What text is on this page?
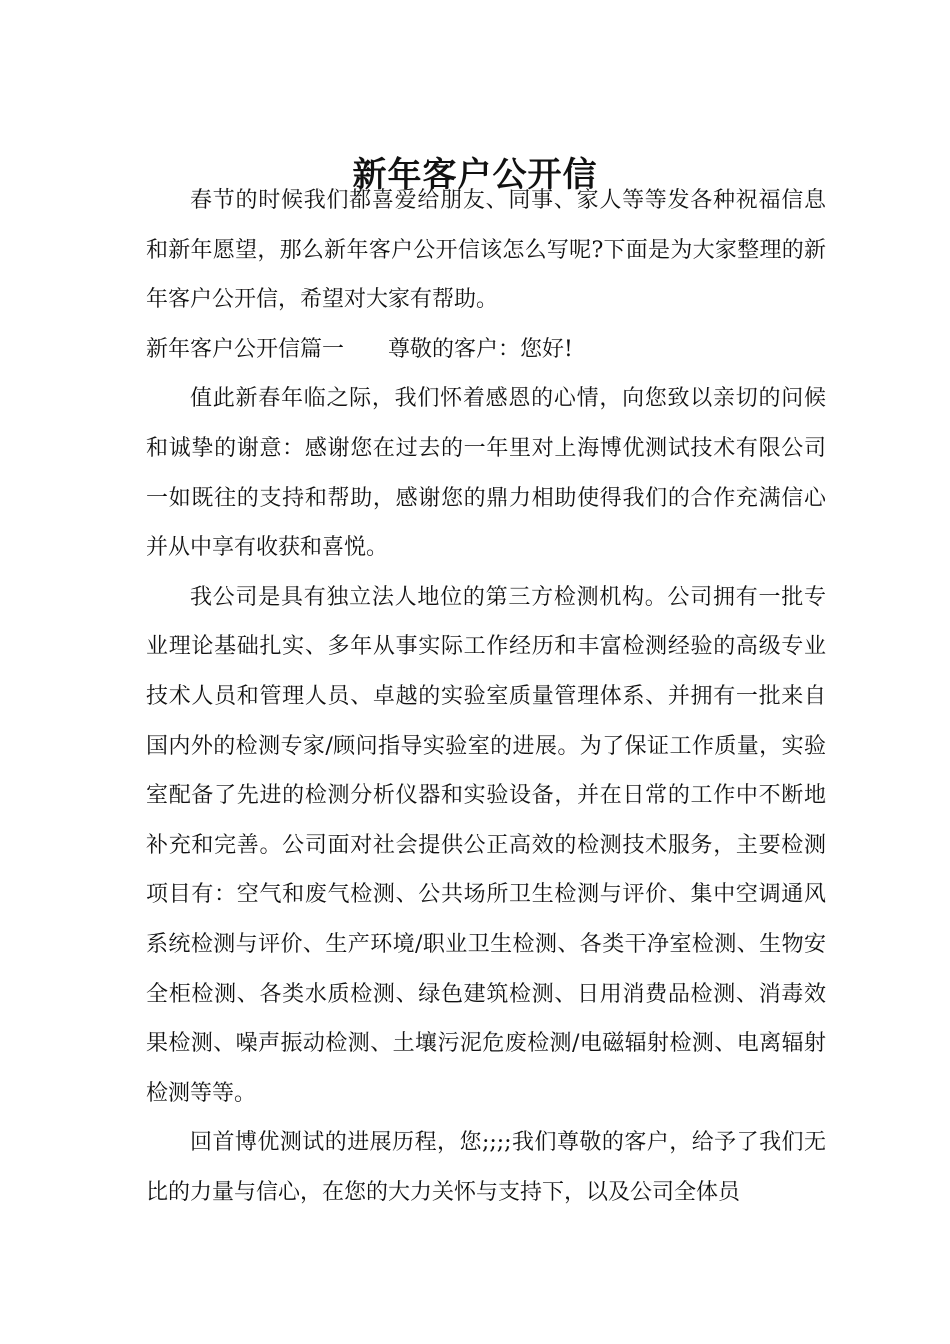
新年客户公开信

春节的时候我们都喜爱给朋友、同事、家人等等发各种祝福信息和新年愿望，那么新年客户公开信该怎么写呢?下面是为大家整理的新年客户公开信，希望对大家有帮助。

新年客户公开信篇一　　尊敬的客户：您好!

值此新春年临之际，我们怀着感恩的心情，向您致以亲切的问候和诚挚的谢意：感谢您在过去的一年里对上海博优测试技术有限公司一如既往的支持和帮助，感谢您的鼎力相助使得我们的合作充满信心并从中享有收获和喜悦。

我公司是具有独立法人地位的第三方检测机构。公司拥有一批专业理论基础扎实、多年从事实际工作经历和丰富检测经验的高级专业技术人员和管理人员、卓越的实验室质量管理体系、并拥有一批来自国内外的检测专家/顾问指导实验室的进展。为了保证工作质量，实验室配备了先进的检测分析仪器和实验设备，并在日常的工作中不断地补充和完善。公司面对社会提供公正高效的检测技术服务，主要检测项目有：空气和废气检测、公共场所卫生检测与评价、集中空调通风系统检测与评价、生产环境/职业卫生检测、各类干净室检测、生物安全柜检测、各类水质检测、绿色建筑检测、日用消费品检测、消毒效果检测、噪声振动检测、土壤污泥危废检测/电磁辐射检测、电离辐射检测等等。

回首博优测试的进展历程，您;;;;我们尊敬的客户，给予了我们无比的力量与信心，在您的大力关怀与支持下，以及公司全体员
